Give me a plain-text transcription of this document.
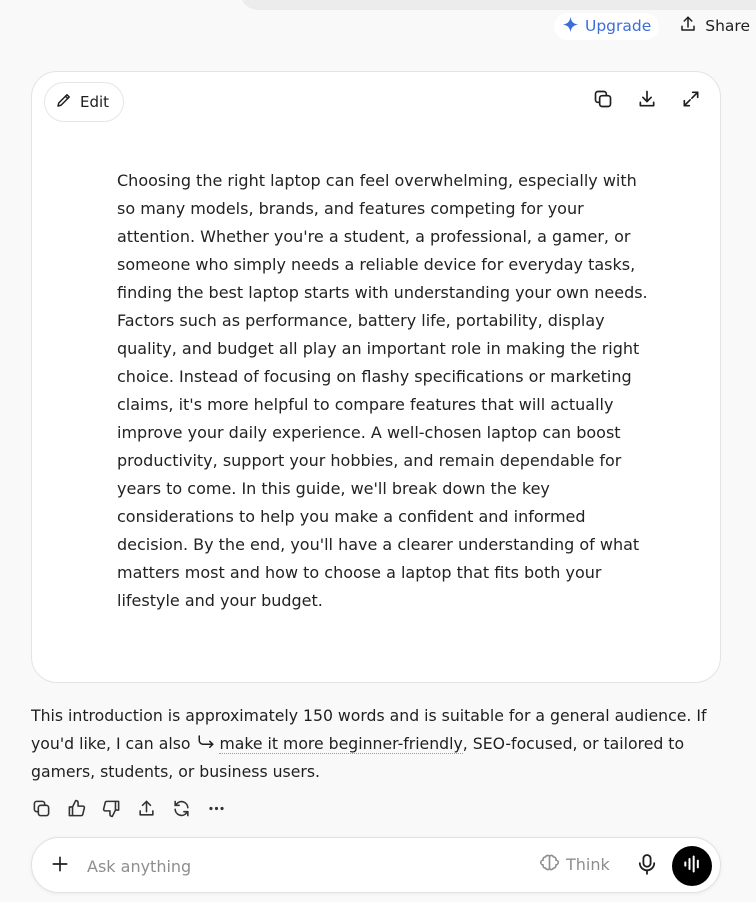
Upgrade	Share
Edit

Choosing the right laptop can feel overwhelming, especially with so many models, brands, and features competing for your attention. Whether you're a student, a professional, a gamer, or someone who simply needs a reliable device for everyday tasks, finding the best laptop starts with understanding your own needs. Factors such as performance, battery life, portability, display quality, and budget all play an important role in making the right choice. Instead of focusing on flashy specifications or marketing claims, it's more helpful to compare features that will actually improve your daily experience. A well-chosen laptop can boost productivity, support your hobbies, and remain dependable for years to come. In this guide, we'll break down the key considerations to help you make a confident and informed decision. By the end, you'll have a clearer understanding of what matters most and how to choose a laptop that fits both your lifestyle and your budget.

This introduction is approximately 150 words and is suitable for a general audience. If you'd like, I can also make it more beginner-friendly, SEO-focused, or tailored to gamers, students, or business users.

Ask anything
Think
